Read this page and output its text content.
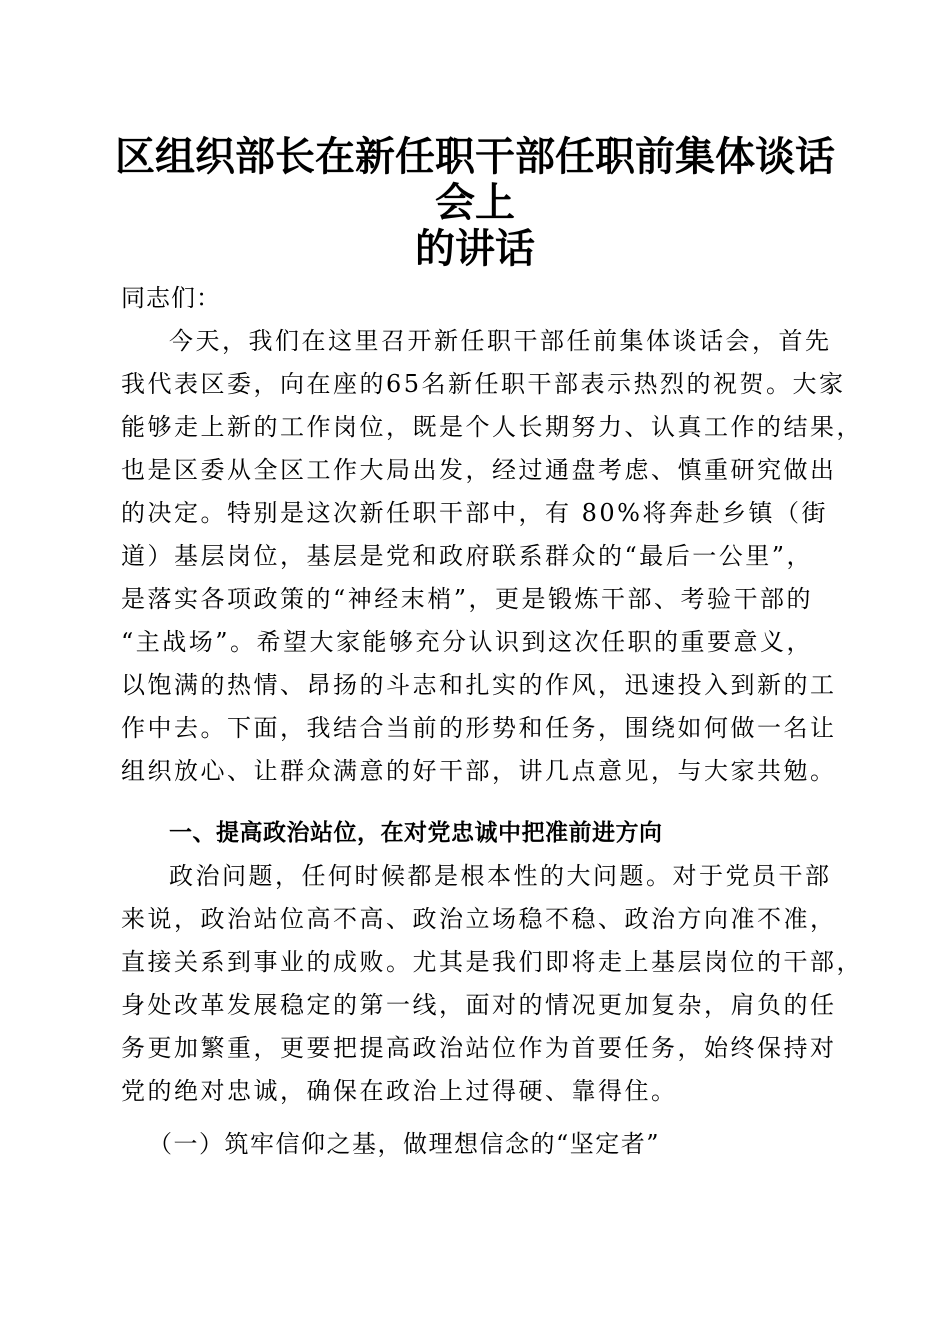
区组织部长在新任职干部任职前集体谈话会上
的讲话
同志们：
今天，我们在这里召开新任职干部任前集体谈话会，首先
我代表区委，向在座的65名新任职干部表示热烈的祝贺。大家
能够走上新的工作岗位，既是个人长期努力、认真工作的结果，
也是区委从全区工作大局出发，经过通盘考虑、慎重研究做出
的决定。特别是这次新任职干部中，有 80%将奔赴乡镇（街
道）基层岗位，基层是党和政府联系群众的“最后一公里”，
是落实各项政策的“神经末梢”，更是锻炼干部、考验干部的
“主战场”。希望大家能够充分认识到这次任职的重要意义，
以饱满的热情、昂扬的斗志和扎实的作风，迅速投入到新的工
作中去。下面，我结合当前的形势和任务，围绕如何做一名让
组织放心、让群众满意的好干部，讲几点意见，与大家共勉。
一、提高政治站位，在对党忠诚中把准前进方向
政治问题，任何时候都是根本性的大问题。对于党员干部
来说，政治站位高不高、政治立场稳不稳、政治方向准不准，
直接关系到事业的成败。尤其是我们即将走上基层岗位的干部，
身处改革发展稳定的第一线，面对的情况更加复杂，肩负的任
务更加繁重，更要把提高政治站位作为首要任务，始终保持对
党的绝对忠诚，确保在政治上过得硬、靠得住。
（一）筑牢信仰之基，做理想信念的“坚定者”
